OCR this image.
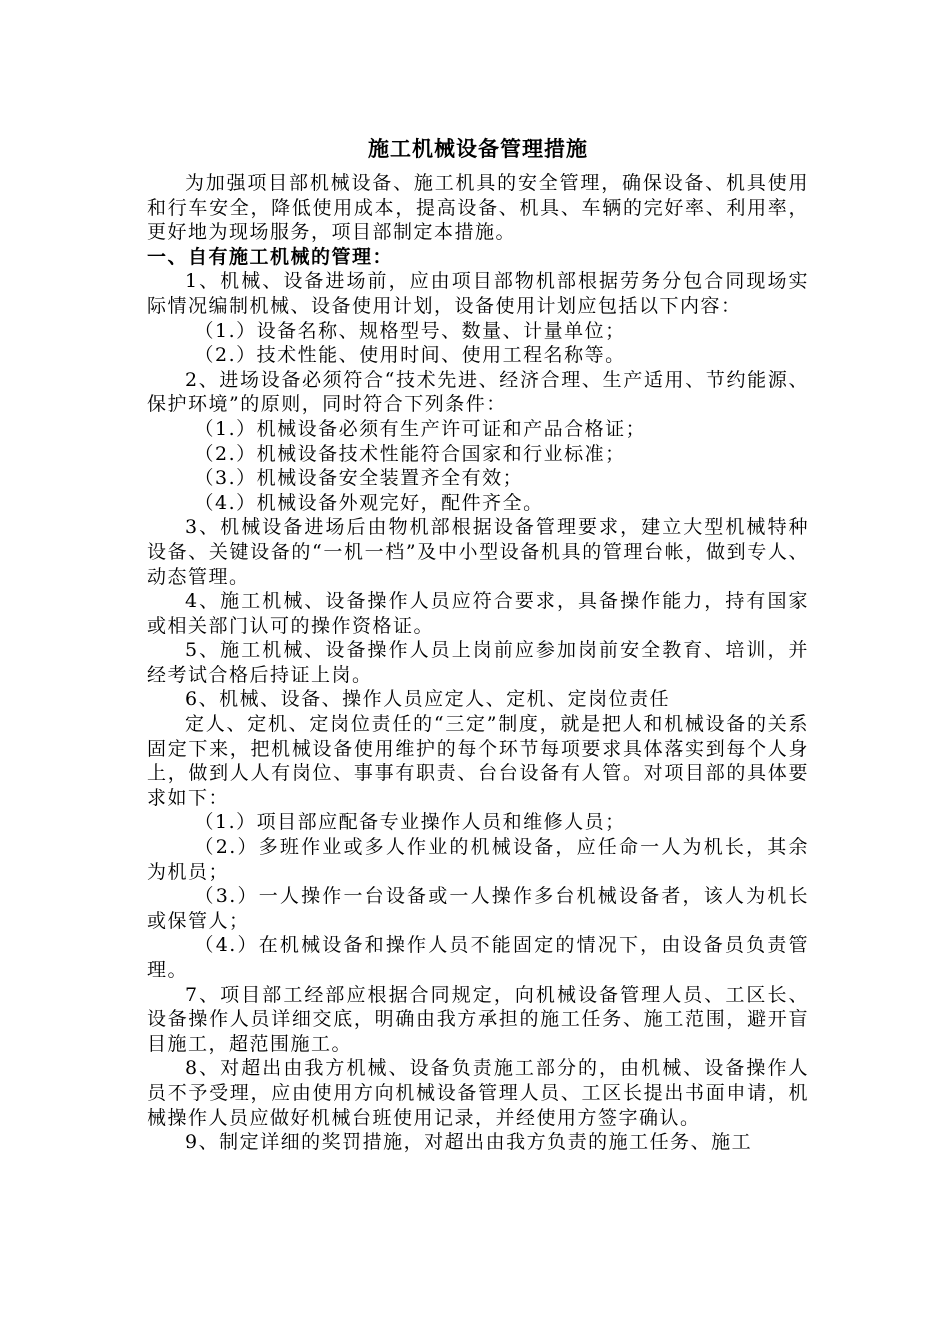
施工机械设备管理措施

为加强项目部机械设备、施工机具的安全管理，确保设备、机具使用和行车安全，降低使用成本，提高设备、机具、车辆的完好率、利用率，更好地为现场服务，项目部制定本措施。

一、自有施工机械的管理：

1、机械、设备进场前，应由项目部物机部根据劳务分包合同现场实际情况编制机械、设备使用计划，设备使用计划应包括以下内容：

（1.）设备名称、规格型号、数量、计量单位；

（2.）技术性能、使用时间、使用工程名称等。

2、进场设备必须符合“技术先进、经济合理、生产适用、节约能源、保护环境”的原则，同时符合下列条件：

（1.）机械设备必须有生产许可证和产品合格证；

（2.）机械设备技术性能符合国家和行业标准；

（3.）机械设备安全装置齐全有效；

（4.）机械设备外观完好，配件齐全。

3、机械设备进场后由物机部根据设备管理要求，建立大型机械特种设备、关键设备的“一机一档”及中小型设备机具的管理台帐，做到专人、动态管理。

4、施工机械、设备操作人员应符合要求，具备操作能力，持有国家或相关部门认可的操作资格证。

5、施工机械、设备操作人员上岗前应参加岗前安全教育、培训，并经考试合格后持证上岗。

6、机械、设备、操作人员应定人、定机、定岗位责任

定人、定机、定岗位责任的“三定”制度，就是把人和机械设备的关系固定下来，把机械设备使用维护的每个环节每项要求具体落实到每个人身上，做到人人有岗位、事事有职责、台台设备有人管。对项目部的具体要求如下：

（1.）项目部应配备专业操作人员和维修人员；

（2.）多班作业或多人作业的机械设备，应任命一人为机长，其余为机员；

（3.）一人操作一台设备或一人操作多台机械设备者，该人为机长或保管人；

（4.）在机械设备和操作人员不能固定的情况下，由设备员负责管理。

7、项目部工经部应根据合同规定，向机械设备管理人员、工区长、设备操作人员详细交底，明确由我方承担的施工任务、施工范围，避开盲目施工，超范围施工。

8、对超出由我方机械、设备负责施工部分的，由机械、设备操作人员不予受理，应由使用方向机械设备管理人员、工区长提出书面申请，机械操作人员应做好机械台班使用记录，并经使用方签字确认。

9、制定详细的奖罚措施，对超出由我方负责的施工任务、施工
